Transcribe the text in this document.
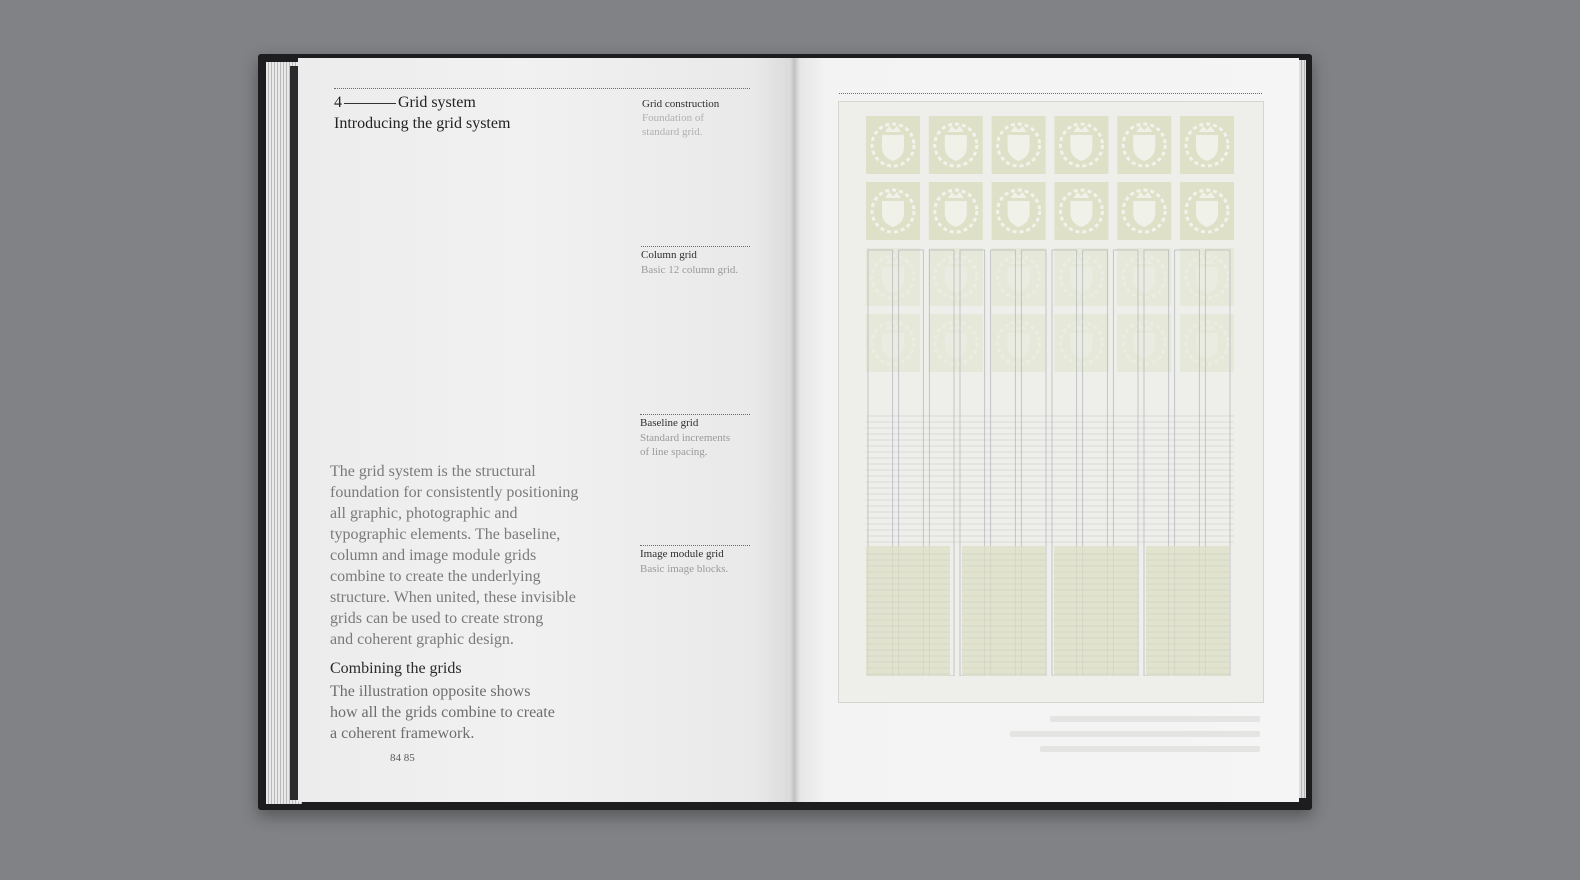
4	Grid system
Introducing the grid system
Grid construction
Foundation of
standard grid.
Column grid
Basic 12 column grid.
Baseline grid
Standard increments
of line spacing.
Image module grid
Basic image blocks.
The grid system is the structural
foundation for consistently positioning
all graphic, photographic and
typographic elements. The baseline,
column and image module grids
combine to create the underlying
structure. When united, these invisible
grids can be used to create strong
and coherent graphic design.
Combining the grids
The illustration opposite shows
how all the grids combine to create
a coherent framework.
84 85
